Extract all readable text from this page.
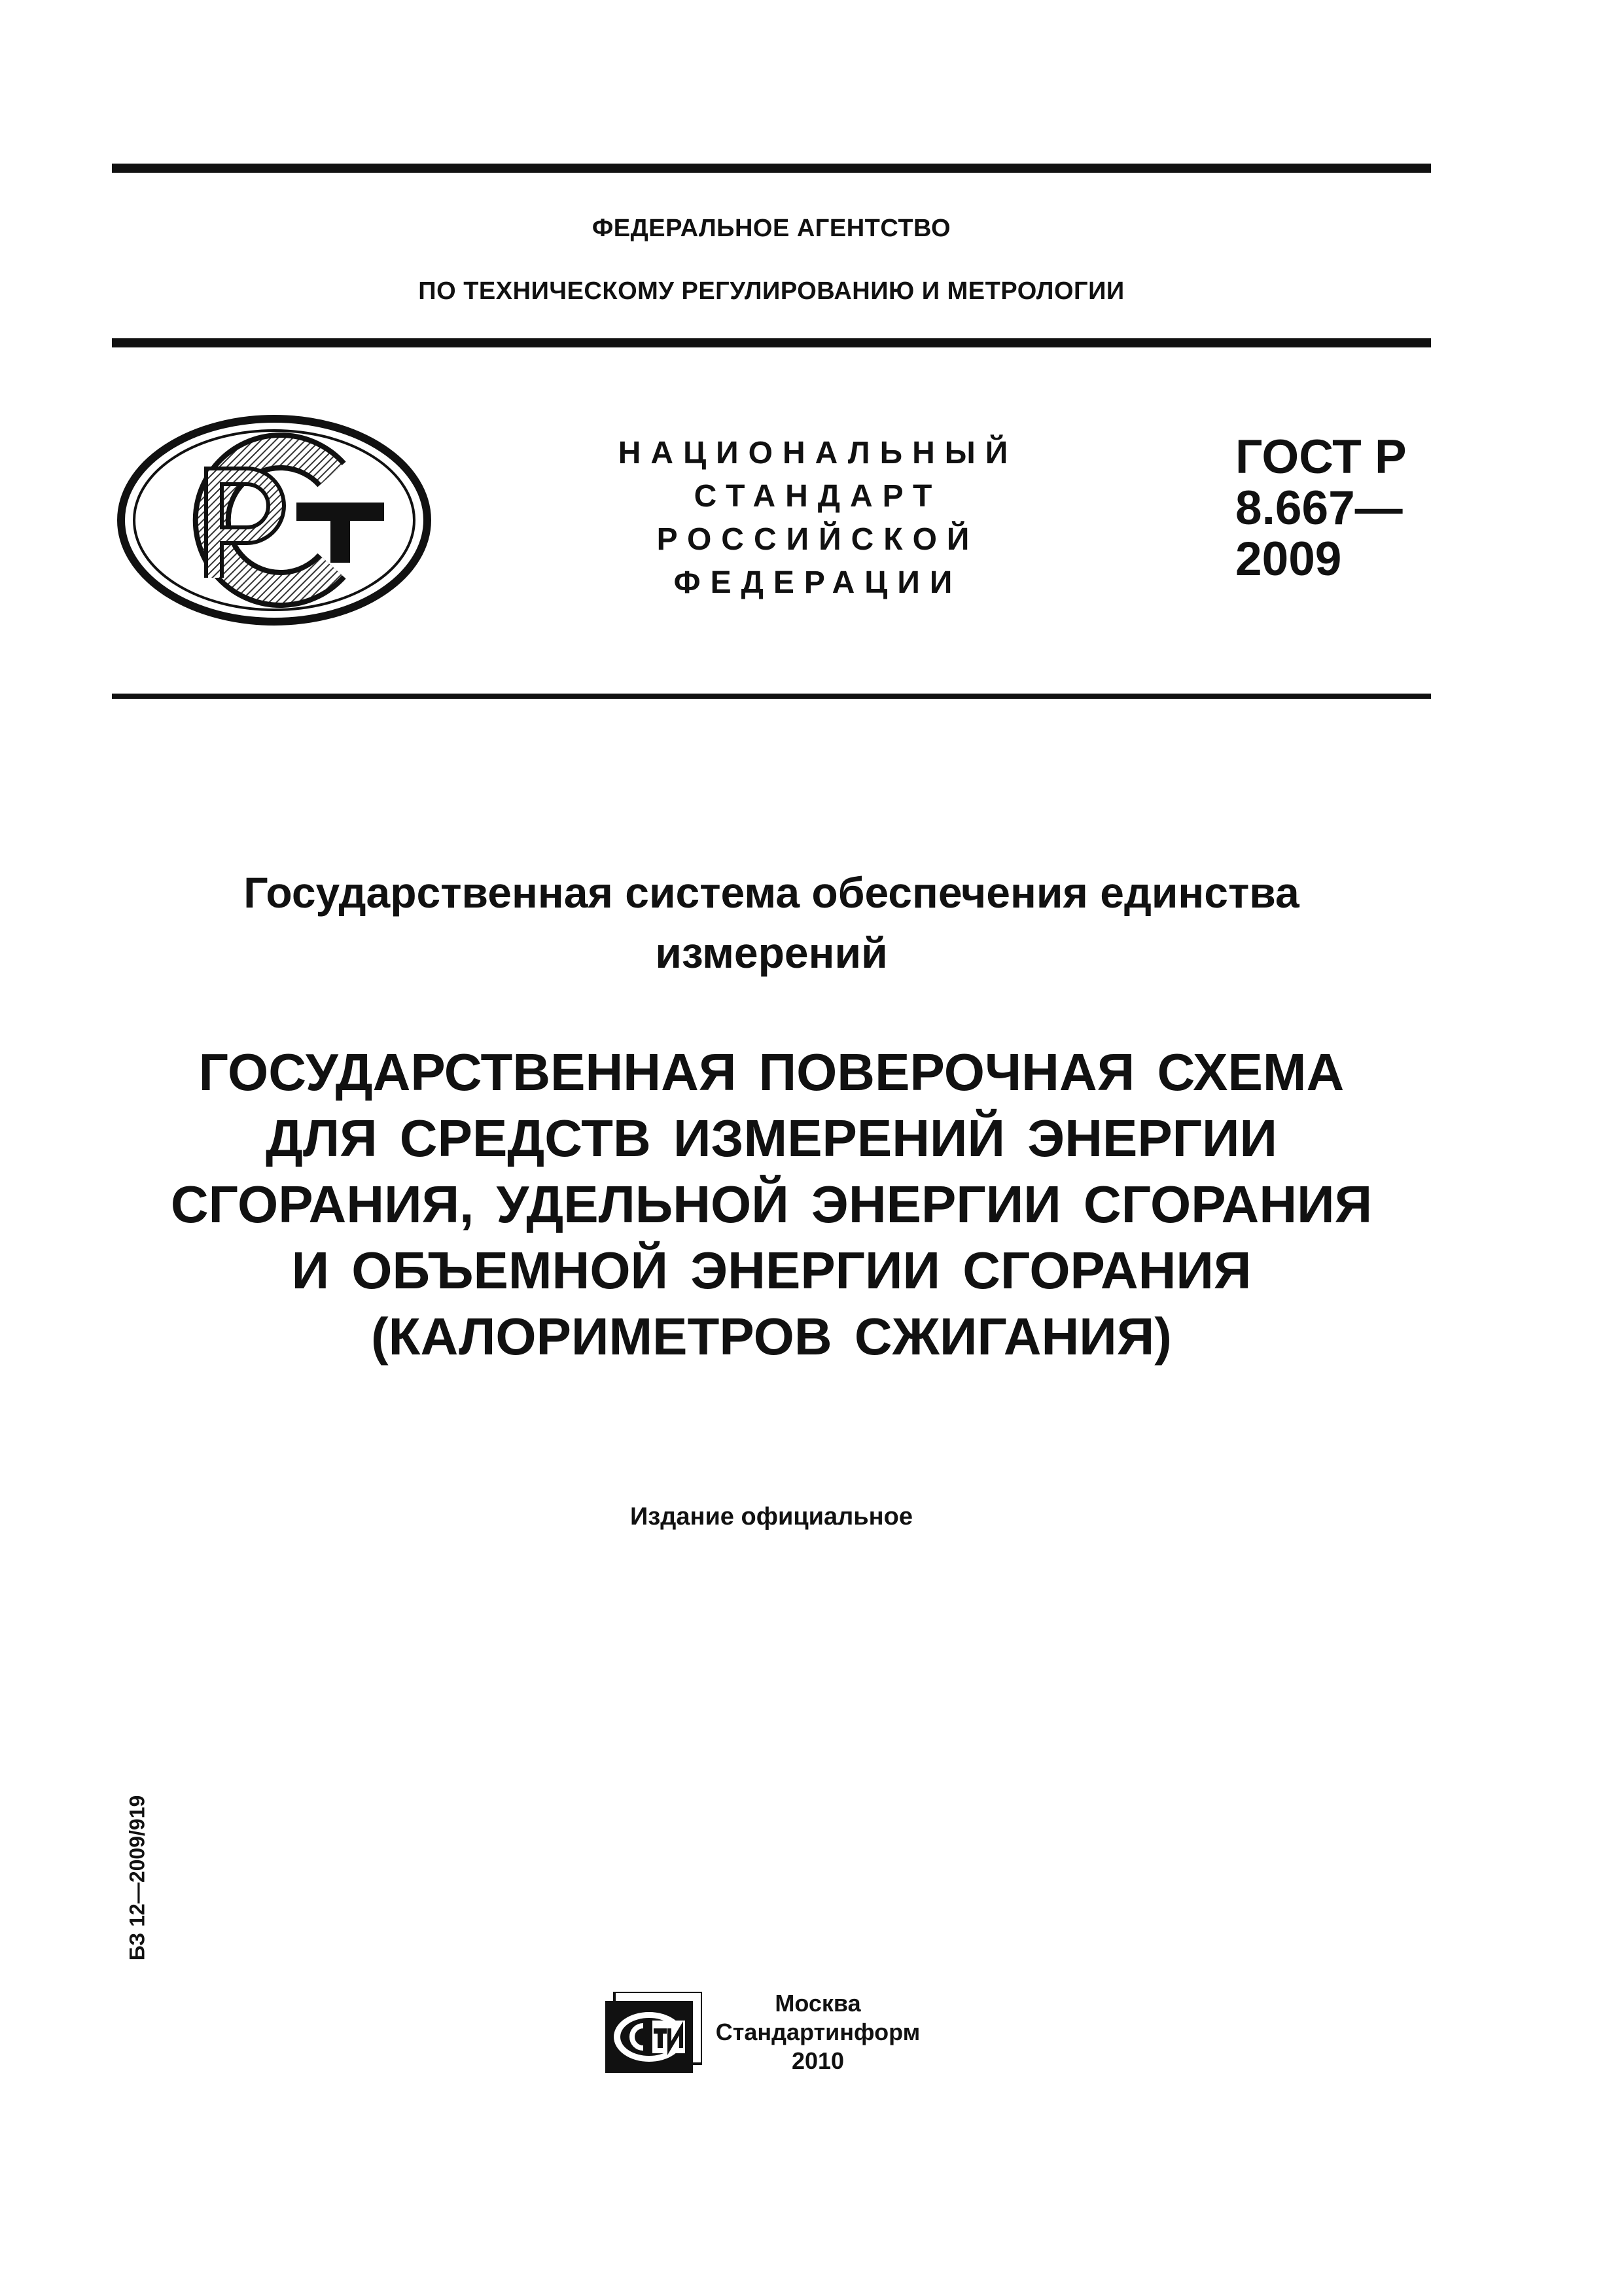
ФЕДЕРАЛЬНОЕ АГЕНТСТВО
ПО ТЕХНИЧЕСКОМУ РЕГУЛИРОВАНИЮ И МЕТРОЛОГИИ
НАЦИОНАЛЬНЫЙ
СТАНДАРТ
РОССИЙСКОЙ
ФЕДЕРАЦИИ
ГОСТ Р
8.667—
2009
Государственная система обеспечения единства
измерений
ГОСУДАРСТВЕННАЯ ПОВЕРОЧНАЯ СХЕМА
ДЛЯ СРЕДСТВ ИЗМЕРЕНИЙ ЭНЕРГИИ
СГОРАНИЯ, УДЕЛЬНОЙ ЭНЕРГИИ СГОРАНИЯ
И ОБЪЕМНОЙ ЭНЕРГИИ СГОРАНИЯ
(КАЛОРИМЕТРОВ СЖИГАНИЯ)
Издание официальное
БЗ 12—2009/919
Москва
Стандартинформ
2010
